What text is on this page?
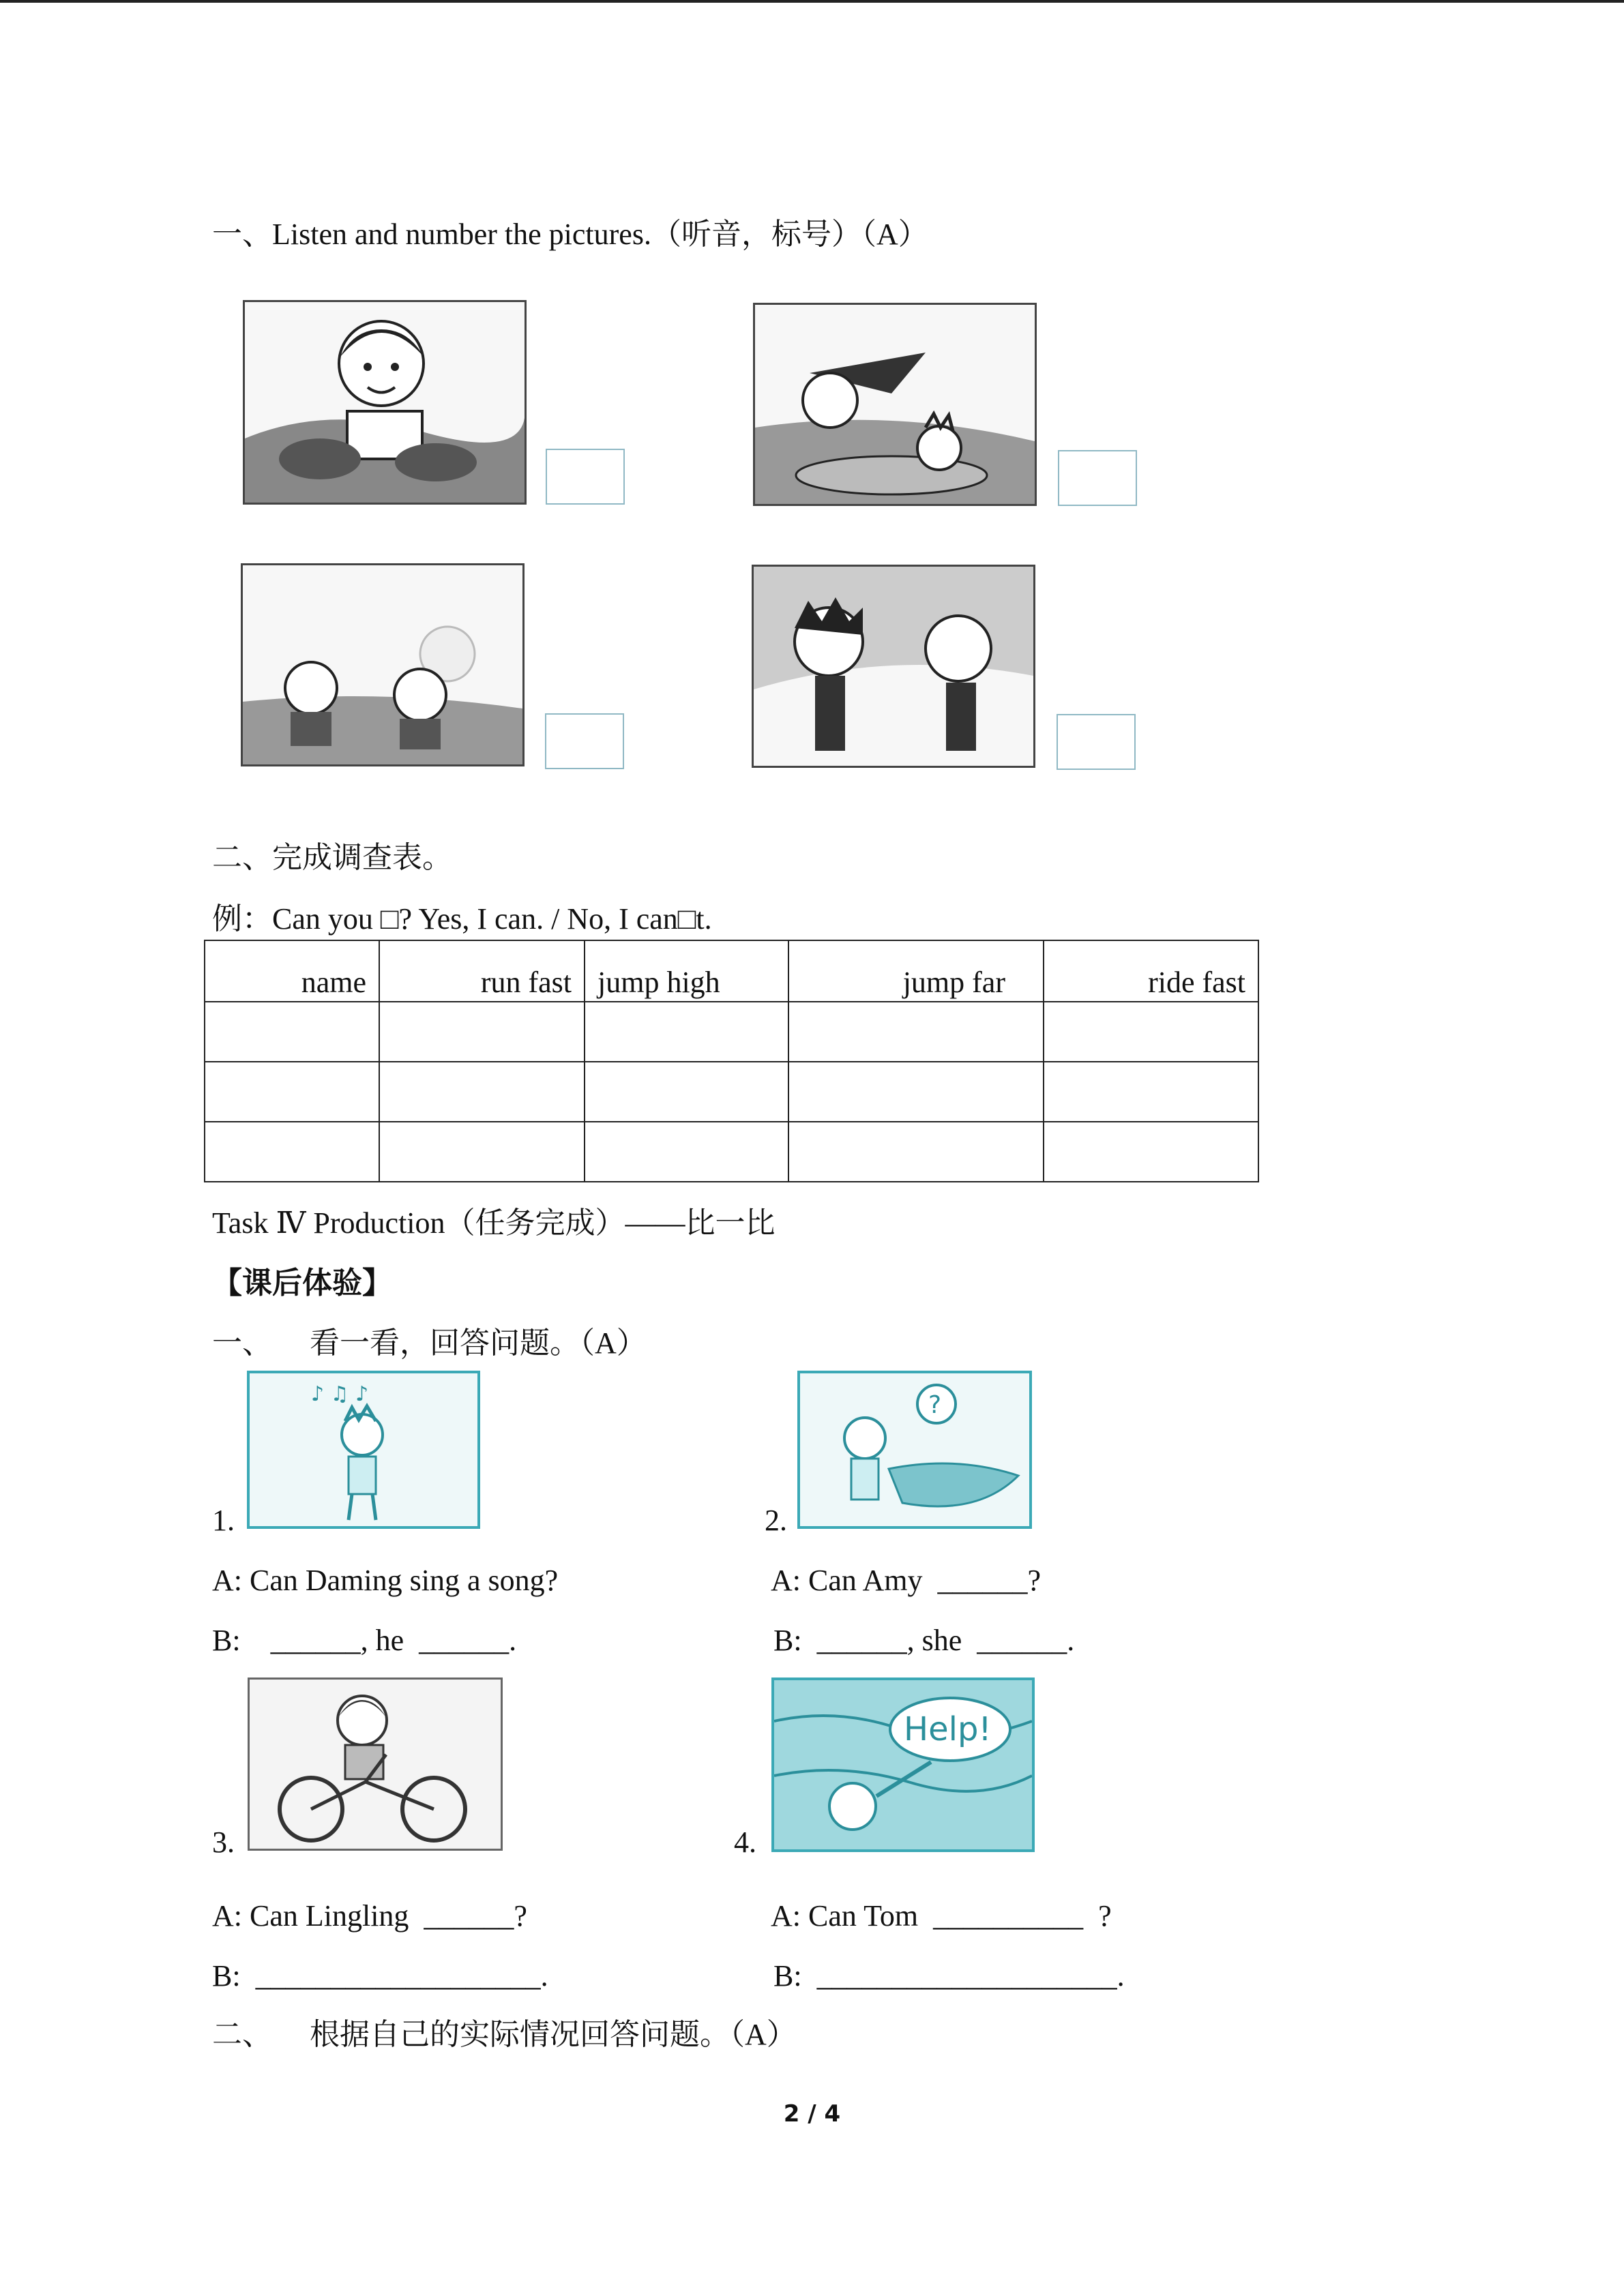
一、Listen and number the pictures.（听音，标号）（A）
二、完成调查表。
例：Can you □? Yes, I can. / No, I can□t.
name	run fast	jump high	jump far	ride fast

Task Ⅳ Production（任务完成）——比一比
【课后体验】
一、     看一看，回答问题。（A）
♪ ♫ ♪
1.
A: Can Daming sing a song?
B:    ______, he  ______.
?
2.
A: Can Amy  ______?
B:  ______, she  ______.
3.
A: Can Lingling  ______?
B:  ___________________.
Help!
4.
A: Can Tom  __________  ?
B:  ____________________.
二、     根据自己的实际情况回答问题。（A）
2 / 4
